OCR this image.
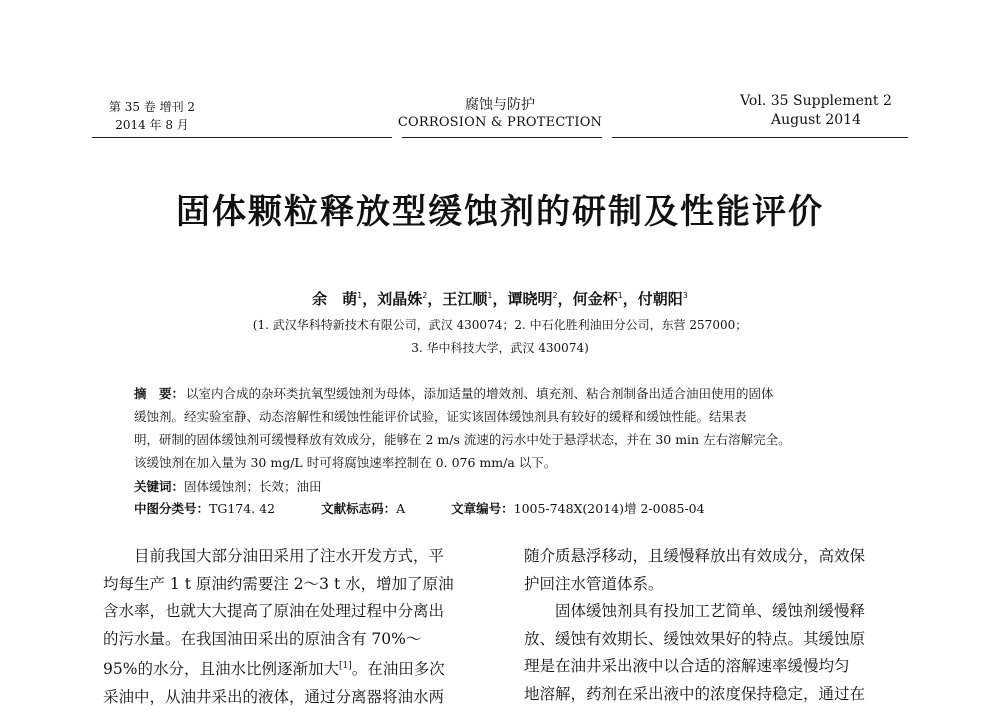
第 35 卷 增刊 2
2014 年 8 月
腐蚀与防护
CORROSION & PROTECTION
Vol. 35 Supplement 2
August 2014
固体颗粒释放型缓蚀剂的研制及性能评价
余　萌$^1$，刘晶姝$^2$，王江顺$^1$，谭晓明$^2$，何金杯$^1$，付朝阳$^3$
(1. 武汉华科特新技术有限公司，武汉 430074；2. 中石化胜利油田分公司，东营 257000；
3. 华中科技大学，武汉 430074)

摘　要： 以室内合成的杂环类抗氧型缓蚀剂为母体，添加适量的增效剂、填充剂、粘合剂制备出适合油田使用的固体

缓蚀剂。经实验室静、动态溶解性和缓蚀性能评价试验，证实该固体缓蚀剂具有较好的缓释和缓蚀性能。结果表

明，研制的固体缓蚀剂可缓慢释放有效成分，能够在 2 m/s 流速的污水中处于悬浮状态，并在 30 min 左右溶解完全。

该缓蚀剂在加入量为 30 mg/L 时可将腐蚀速率控制在 0. 076 mm/a 以下。

关键词：固体缓蚀剂；长效；油田
中图分类号：TG174. 42	文献标志码：A	文章编号：1005-748X(2014)增 2-0085-04

目前我国大部分油田采用了注水开发方式，平

均每生产 1 t 原油约需要注 2～3 t 水，增加了原油

含水率，也就大大提高了原油在处理过程中分离出

的污水量。在我国油田采出的原油含有 70%～

95%的水分，且油水比例逐渐加大[1]。在油田多次

采油中，从油井采出的液体，通过分离器将油水两

随介质悬浮移动，且缓慢释放出有效成分，高效保

护回注水管道体系。

固体缓蚀剂具有投加工艺简单、缓蚀剂缓慢释

放、缓蚀有效期长、缓蚀效果好的特点。其缓蚀原

理是在油井采出液中以合适的溶解速率缓慢均匀

地溶解，药剂在采出液中的浓度保持稳定，通过在
